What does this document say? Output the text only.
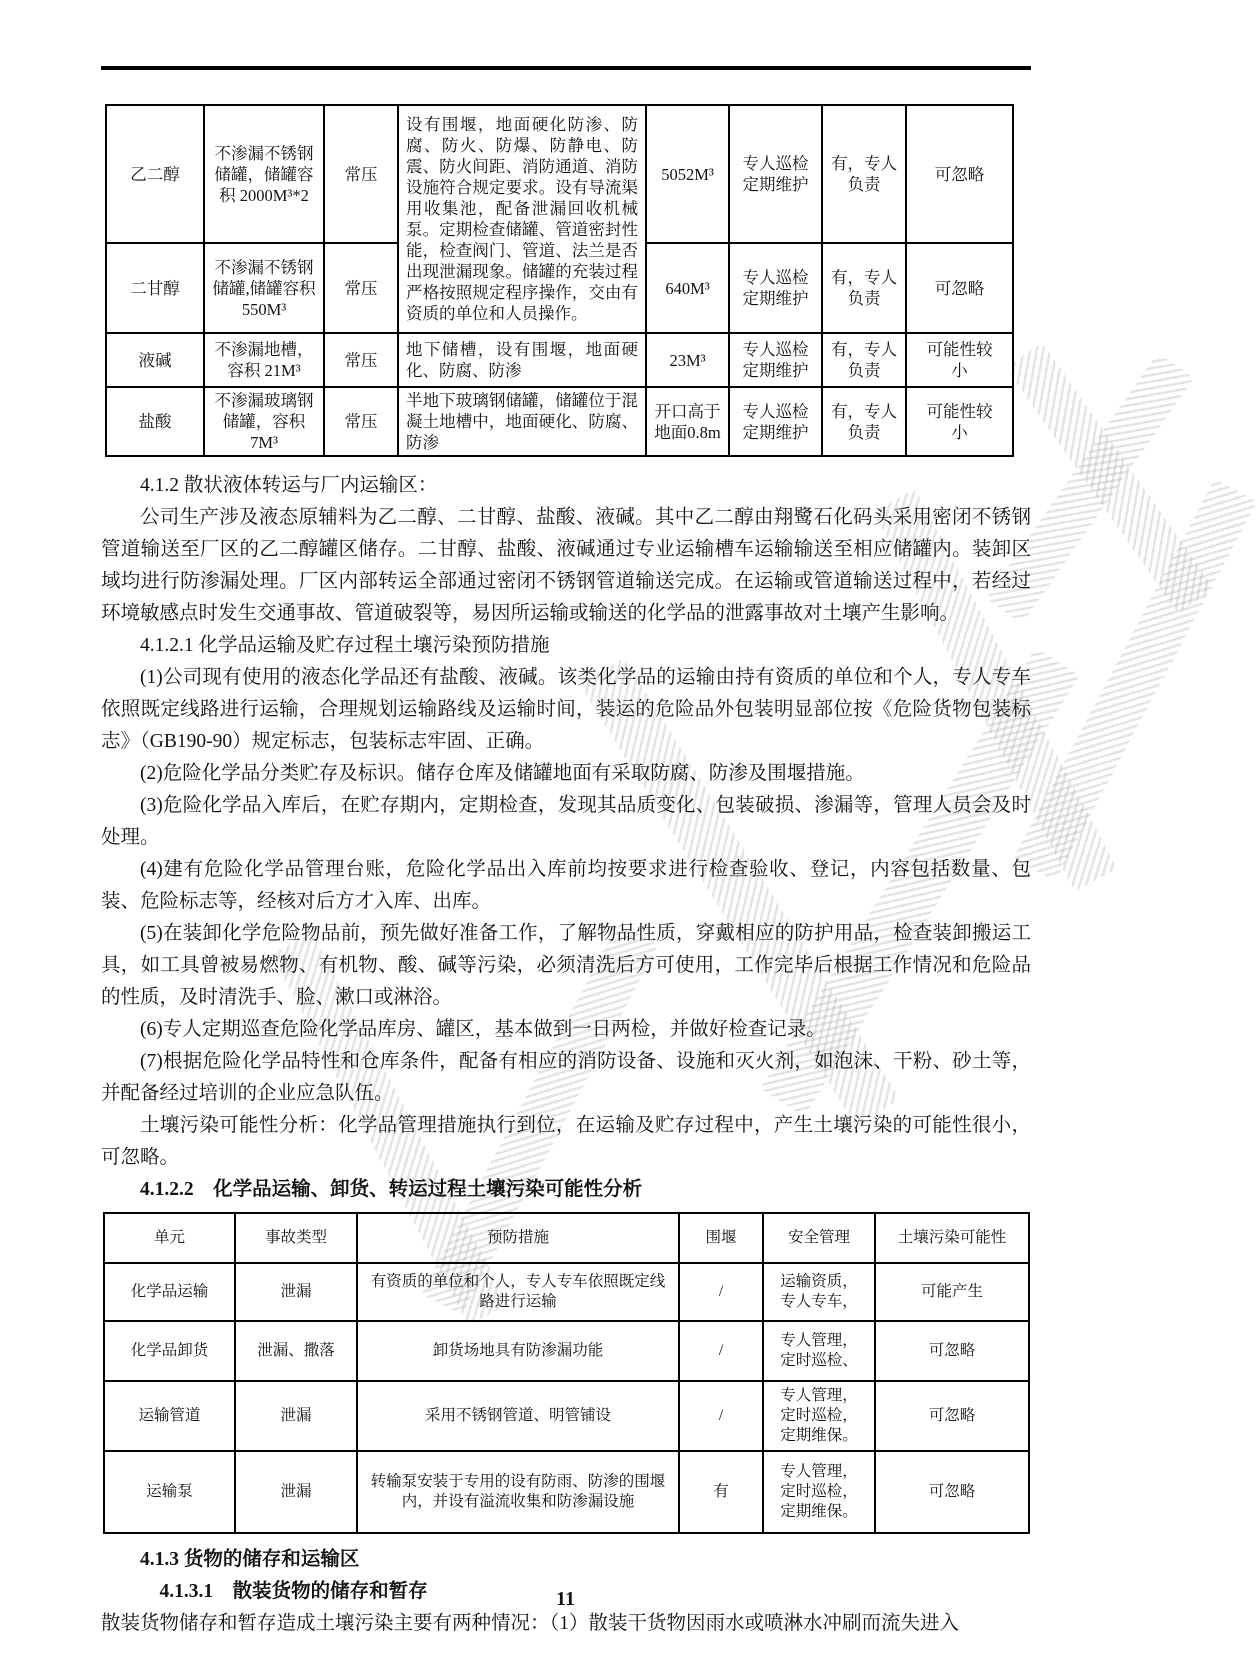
乙二醇	不渗漏不锈钢储罐，储罐容积 2000M³*2	常压	设有围堰，地面硬化防渗、防腐、防火、防爆、防静电、防震、防火间距、消防通道、消防设施符合规定要求。设有导流渠用收集池，配备泄漏回收机械泵。定期检查储罐、管道密封性能，检查阀门、管道、法兰是否出现泄漏现象。储罐的充装过程严格按照规定程序操作，交由有资质的单位和人员操作。	5052M³	专人巡检 定期维护	有，专人 负责	可忽略
二甘醇	不渗漏不锈钢储罐,储罐容积 550M³	常压		640M³	专人巡检 定期维护	有，专人 负责	可忽略
液碱	不渗漏地槽，容积 21M³	常压	地下储槽，设有围堰，地面硬化、防腐、防渗	23M³	专人巡检 定期维护	有，专人 负责	可能性较小
盐酸	不渗漏玻璃钢储罐，容积 7M³	常压	半地下玻璃钢储罐，储罐位于混凝土地槽中，地面硬化、防腐、防渗	开口高于地面0.8m	专人巡检 定期维护	有，专人 负责	可能性较小
4.1.2 散状液体转运与厂内运输区：
公司生产涉及液态原辅料为乙二醇、二甘醇、盐酸、液碱。其中乙二醇由翔鹭石化码头采用密闭不锈钢管道输送至厂区的乙二醇罐区储存。二甘醇、盐酸、液碱通过专业运输槽车运输输送至相应储罐内。装卸区域均进行防渗漏处理。厂区内部转运全部通过密闭不锈钢管道输送完成。在运输或管道输送过程中，若经过环境敏感点时发生交通事故、管道破裂等，易因所运输或输送的化学品的泄露事故对土壤产生影响。
4.1.2.1 化学品运输及贮存过程土壤污染预防措施
(1)公司现有使用的液态化学品还有盐酸、液碱。该类化学品的运输由持有资质的单位和个人，专人专车依照既定线路进行运输，合理规划运输路线及运输时间，装运的危险品外包装明显部位按《危险货物包装标志》（GB190-90）规定标志，包装标志牢固、正确。
(2)危险化学品分类贮存及标识。储存仓库及储罐地面有采取防腐、防渗及围堰措施。
(3)危险化学品入库后，在贮存期内，定期检查，发现其品质变化、包装破损、渗漏等，管理人员会及时处理。
(4)建有危险化学品管理台账，危险化学品出入库前均按要求进行检查验收、登记，内容包括数量、包装、危险标志等，经核对后方才入库、出库。
(5)在装卸化学危险物品前，预先做好准备工作，了解物品性质，穿戴相应的防护用品，检查装卸搬运工具，如工具曾被易燃物、有机物、酸、碱等污染，必须清洗后方可使用，工作完毕后根据工作情况和危险品的性质，及时清洗手、脸、漱口或淋浴。
(6)专人定期巡查危险化学品库房、罐区，基本做到一日两检，并做好检查记录。
(7)根据危险化学品特性和仓库条件，配备有相应的消防设备、设施和灭火剂，如泡沫、干粉、砂土等，并配备经过培训的企业应急队伍。
土壤污染可能性分析：化学品管理措施执行到位，在运输及贮存过程中，产生土壤污染的可能性很小，可忽略。
4.1.2.2　化学品运输、卸货、转运过程土壤污染可能性分析
单元	事故类型	预防措施	围堰	安全管理	土壤污染可能性
化学品运输	泄漏	有资质的单位和个人，专人专车依照既定线路进行运输	/	运输资质， 专人专车，	可能产生
化学品卸货	泄漏、撒落	卸货场地具有防渗漏功能	/	专人管理， 定时巡检、	可忽略
运输管道	泄漏	采用不锈钢管道、明管铺设	/	专人管理， 定时巡检， 定期维保。	可忽略
运输泵	泄漏	转输泵安装于专用的设有防雨、防渗的围堰内，并设有溢流收集和防渗漏设施	有	专人管理， 定时巡检， 定期维保。	可忽略
4.1.3 货物的储存和运输区
4.1.3.1　散装货物的储存和暂存
散装货物储存和暂存造成土壤污染主要有两种情况：（1）散装干货物因雨水或喷淋水冲刷而流失进入
11
